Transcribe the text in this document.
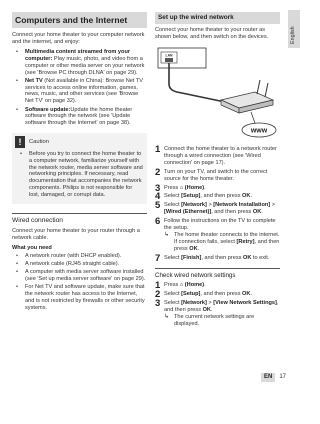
English
Computers and the Internet

Connect your home theater to your computer network and the internet, and enjoy:

• Multimedia content streamed from your computer: Play music, photo, and video from a computer or other media server on your network (see 'Browse PC through DLNA' on page 29).
• Net TV (Not available in China): Browse Net TV services to access online information, games, news, music, and other services (see 'Browse Net TV' on page 32).
• Software update:Update the home theater software through the network (see 'Update software through the Internet' on page 38).
!	Caution
• Before you try to connect the home theater to a computer network, familiarize yourself with the network router, media server software and networking principles. If necessary, read documentation that accompanies the network components. Philips is not responsible for lost, damaged, or corrupt data.
Wired connection

Connect your home theater to your router through a network cable.

What you need

• A network router (with DHCP enabled).
• A network cable (RJ45 straight cable).
• A computer with media server software installed (see 'Set up media server software' on page 29).
• For Net TV and software update, make sure that the network router has access to the Internet, and is not restricted by firewalls or other security systems.
Set up the wired network

Connect your home theater to your router as shown below, and then switch on the devices.

LAN
www
1 Connect the home theater to a network router through a wired connection (see 'Wired connection' on page 17).
2 Turn on your TV, and switch to the correct source for the home theater.
3 Press ⌂ (Home).
4 Select [Setup], and then press OK.
5 Select [Network] > [Network Installation] > [Wired (Ethernet)], and then press OK.
6 Follow the instructions on the TV to complete the setup.
↳ The home theater connects to the internet. If connection fails, select [Retry], and then press OK.
7 Select [Finish], and then press OK to exit.
Check wired network settings
1 Press ⌂ (Home).
2 Select [Setup], and then press OK.
3 Select [Network] > [View Network Settings], and then press OK.
↳ The current network settings are displayed.
EN	17
